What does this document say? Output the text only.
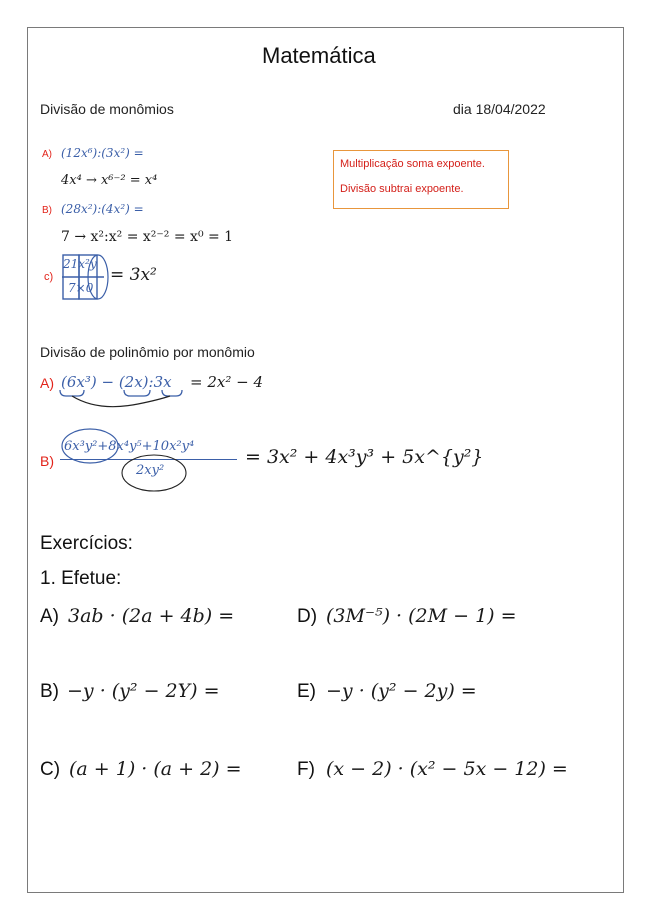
Matemática
Divisão de monômios	dia 18/04/2022
A) (12x⁶):(3x²) =
4x⁴ → x⁶⁻² = x⁴
B) (28x²):(4x²) =
7 → x²:x² = x²⁻² = x⁰ = 1
c)
21x²y
7×0
= 3x²
Multiplicação soma expoente.
Divisão subtrai expoente.
Divisão de polinômio por monômio
A) (6x³) − (2x):3x = 2x² − 4
B)
6x³y²+8x⁴y⁵+10x²y⁴
2xy²
= 3x² + 4x³y³ + 5x^{y²}
Exercícios:
1. Efetue:
A) 3ab · (2a + 4b) =	D) (3M⁻⁵) · (2M − 1) =
B) −y · (y² − 2Y) =	E) −y · (y² − 2y) =
C) (a + 1) · (a + 2) =	F) (x − 2) · (x² − 5x − 12) =
